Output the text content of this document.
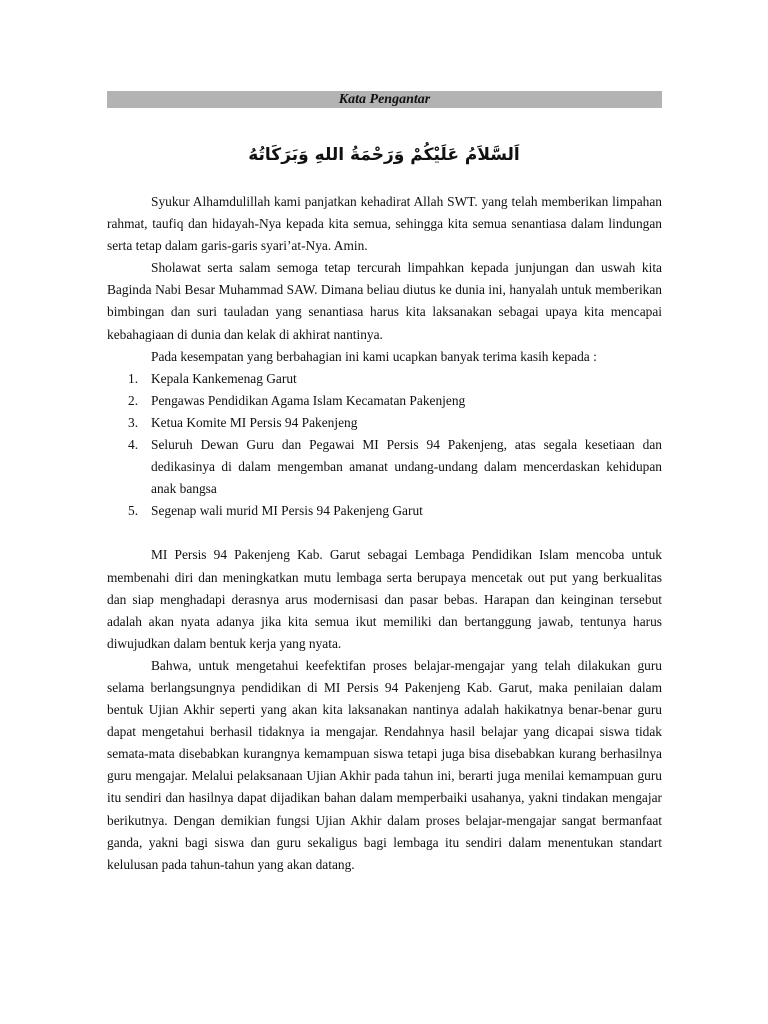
Kata Pengantar
اَلسَّلاَمُ عَلَيْكُمْ وَرَحْمَةُ اللهِ وَبَرَكَاتُهُ

Syukur Alhamdulillah kami panjatkan kehadirat Allah SWT. yang telah memberikan limpahan rahmat, taufiq dan hidayah-Nya kepada kita semua, sehingga kita semua senantiasa dalam lindungan serta tetap dalam garis-garis syari’at-Nya. Amin.

Sholawat serta salam semoga tetap tercurah limpahkan kepada junjungan dan uswah kita Baginda Nabi Besar Muhammad SAW. Dimana beliau diutus ke dunia ini, hanyalah untuk memberikan bimbingan dan suri tauladan yang senantiasa harus kita laksanakan sebagai upaya kita mencapai kebahagiaan di dunia dan kelak di akhirat nantinya.

Pada kesempatan yang berbahagian ini kami ucapkan banyak terima kasih kepada :

1. Kepala Kankemenag Garut
2. Pengawas Pendidikan Agama Islam Kecamatan Pakenjeng
3. Ketua Komite MI Persis 94 Pakenjeng
4. Seluruh Dewan Guru dan Pegawai MI Persis 94 Pakenjeng, atas segala kesetiaan dan dedikasinya di dalam mengemban amanat undang-undang dalam mencerdaskan kehidupan anak bangsa
5. Segenap wali murid MI Persis 94 Pakenjeng Garut

MI Persis 94 Pakenjeng Kab. Garut sebagai Lembaga Pendidikan Islam mencoba untuk membenahi diri dan meningkatkan mutu lembaga serta berupaya mencetak out put yang berkualitas dan siap menghadapi derasnya arus modernisasi dan pasar bebas. Harapan dan keinginan tersebut adalah akan nyata adanya jika kita semua ikut memiliki dan bertanggung jawab, tentunya harus diwujudkan dalam bentuk kerja yang nyata.

Bahwa, untuk mengetahui keefektifan proses belajar-mengajar yang telah dilakukan guru selama berlangsungnya pendidikan di MI Persis 94 Pakenjeng Kab. Garut, maka penilaian dalam bentuk Ujian Akhir seperti yang akan kita laksanakan nantinya adalah hakikatnya benar-benar guru dapat mengetahui berhasil tidaknya ia mengajar. Rendahnya hasil belajar yang dicapai siswa tidak semata-mata disebabkan kurangnya kemampuan siswa tetapi juga bisa disebabkan kurang berhasilnya guru mengajar. Melalui pelaksanaan Ujian Akhir pada tahun ini, berarti juga menilai kemampuan guru itu sendiri dan hasilnya dapat dijadikan bahan dalam memperbaiki usahanya, yakni tindakan mengajar berikutnya. Dengan demikian fungsi Ujian Akhir dalam proses belajar-mengajar sangat bermanfaat ganda, yakni bagi siswa dan guru sekaligus bagi lembaga itu sendiri dalam menentukan standart kelulusan pada tahun-tahun yang akan datang.
